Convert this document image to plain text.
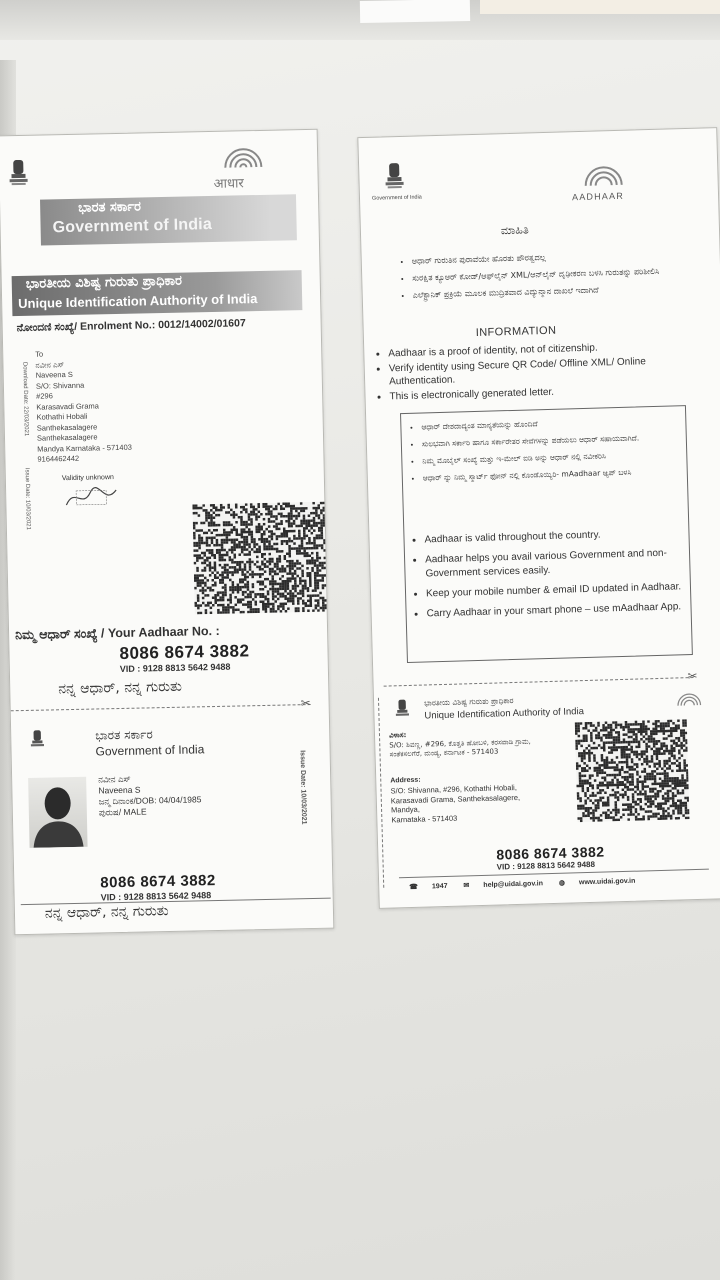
आधार
ಭಾರತ ಸರ್ಕಾರ
Government of India
ಭಾರತೀಯ ವಿಶಿಷ್ಟ ಗುರುತು ಪ್ರಾಧಿಕಾರ
Unique Identification Authority of India
ನೋಂದಣಿ ಸಂಖ್ಯೆ/ Enrolment No.: 0012/14002/01607
Download Date: 22/03/2021
Issue Date: 10/03/2021
To
ನವೀನ ಎಸ್
Naveena S
S/O: Shivanna
#296
Karasavadi Grama
Kothathi Hobali
Santhekasalagere
Santhekasalagere
Mandya Karnataka - 571403
9164462442
Validity unknown
ನಿಮ್ಮ ಆಧಾರ್ ಸಂಖ್ಯೆ / Your Aadhaar No. :
8086 8674 3882
VID : 9128 8813 5642 9488
ನನ್ನ ಆಧಾರ್, ನನ್ನ ಗುರುತು
✂
ಭಾರತ ಸರ್ಕಾರ
Government of India
ನವೀನ ಎಸ್
Naveena S
ಜನ್ಮ ದಿನಾಂಕ/DOB: 04/04/1985
ಪುರುಷ/ MALE	Issue Date: 10/03/2021
8086 8674 3882
VID : 9128 8813 5642 9488
ನನ್ನ ಆಧಾರ್, ನನ್ನ ಗುರುತು
Government of India	AADHAAR
ಮಾಹಿತಿ
• ಆಧಾರ್ ಗುರುತಿನ ಪುರಾವೆಯೇ ಹೊರತು ಪೌರತ್ವದಲ್ಲ
• ಸುರಕ್ಷಿತ ಕ್ಯೂಆರ್ ಕೋಡ್/ಆಫ್‌ಲೈನ್ XML/ಆನ್‌ಲೈನ್ ದೃಢೀಕರಣ ಬಳಸಿ ಗುರುತನ್ನು ಪರಿಶೀಲಿಸಿ
• ಎಲೆಕ್ಟ್ರಾನಿಕ್ ಪ್ರಕ್ರಿಯೆ ಮೂಲಕ ಮುದ್ರಿತವಾದ ವಿದ್ಯುನ್ಮಾನ ದಾಖಲೆ ಇದಾಗಿದೆ
INFORMATION
• Aadhaar is a proof of identity, not of citizenship.
• Verify identity using Secure QR Code/ Offline XML/ Online Authentication.
• This is electronically generated letter.
• ಆಧಾರ್ ದೇಶದಾದ್ಯಂತ ಮಾನ್ಯತೆಯನ್ನು ಹೊಂದಿದೆ
• ಸುಲಭವಾಗಿ ಸರ್ಕಾರಿ ಹಾಗೂ ಸರ್ಕಾರೇತರ ಸೇವೆಗಳನ್ನು ಪಡೆಯಲು ಆಧಾರ್ ಸಹಾಯವಾಗಿದೆ.
• ನಿಮ್ಮ ಮೊಬೈಲ್ ಸಂಖ್ಯೆ ಮತ್ತು ಇ-ಮೇಲ್ ಐಡಿ ಅನ್ನು ಆಧಾರ್ ನಲ್ಲಿ ನವೀಕರಿಸಿ
• ಆಧಾರ್ ನ್ನು ನಿಮ್ಮ ಸ್ಮಾರ್ಟ್ ಫೋನ್ ನಲ್ಲಿ ಕೊಂಡೊಯ್ಯಿರಿ- mAadhaar ಆ್ಯಪ್ ಬಳಸಿ
• Aadhaar is valid throughout the country.
• Aadhaar helps you avail various Government and non-Government services easily.
• Keep your mobile number & email ID updated in Aadhaar.
• Carry Aadhaar in your smart phone – use mAadhaar App.
✂
ಭಾರತೀಯ ವಿಶಿಷ್ಟ ಗುರುತು ಪ್ರಾಧಿಕಾರ
Unique Identification Authority of India
ವಿಳಾಸ:
S/O: ಶಿವಣ್ಣ, #296, ಕೊತ್ತತಿ ಹೋಬಳಿ, ಕರಸವಾಡಿ ಗ್ರಾಮ, ಸಂತೆಕಸಲಗೆರೆ, ಮಂಡ್ಯ, ಕರ್ನಾಟಕ - 571403
Address:
S/O: Shivanna, #296, Kothathi Hobali,
Karasavadi Grama, Santhekasalagere,
Mandya,
Karnataka - 571403
8086 8674 3882
VID : 9128 8813 5642 9488
☎ 1947 ✉ help@uidai.gov.in ◍ www.uidai.gov.in
